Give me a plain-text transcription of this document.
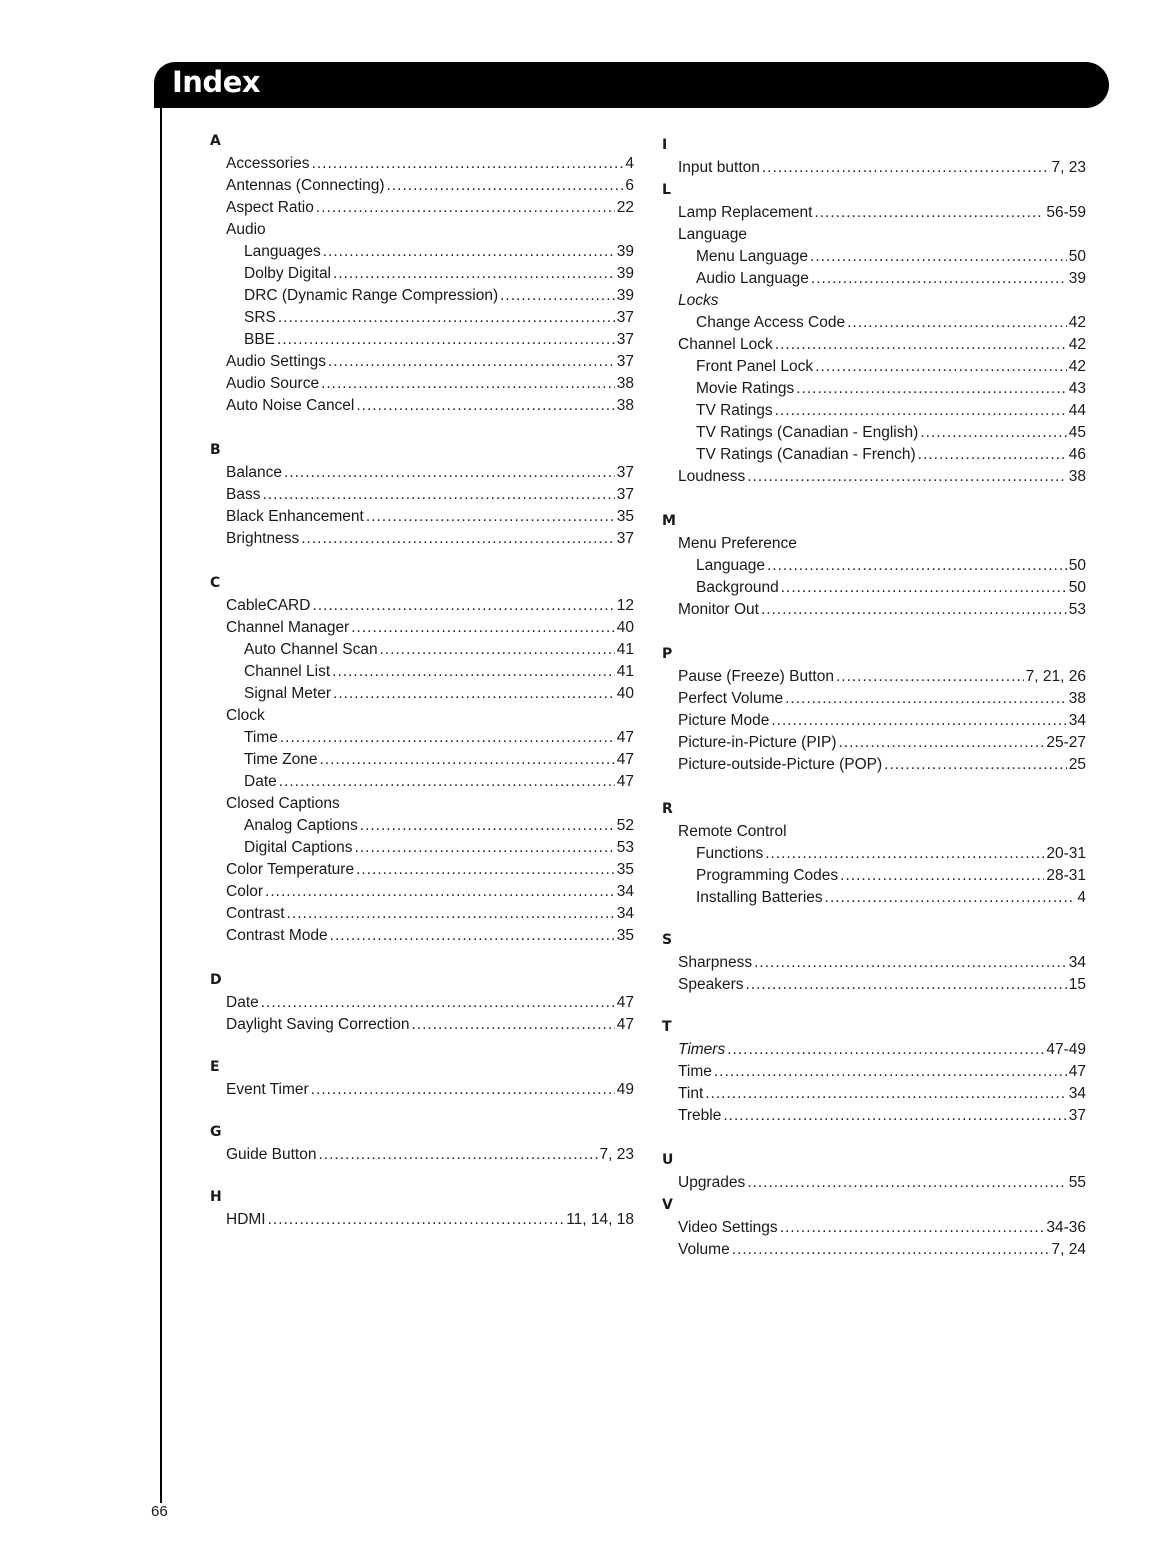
Index
A
Accessories .....	4
Antennas (Connecting) .....	6
Aspect Ratio .....	22
Audio
Languages .....	39
Dolby Digital .....	39
DRC (Dynamic Range Compression) .....	39
SRS .....	37
BBE .....	37
Audio Settings .....	37
Audio Source .....	38
Auto Noise Cancel .....	38
B
Balance .....	37
Bass .....	37
Black Enhancement .....	35
Brightness .....	37
C
CableCARD .....	12
Channel Manager .....	40
Auto Channel Scan .....	41
Channel List .....	41
Signal Meter .....	40
Clock
Time .....	47
Time Zone .....	47
Date .....	47
Closed Captions
Analog Captions .....	52
Digital Captions .....	53
Color Temperature .....	35
Color .....	34
Contrast .....	34
Contrast Mode .....	35
D
Date .....	47
Daylight Saving Correction .....	47
E
Event Timer .....	49
G
Guide Button .....	7, 23
H
HDMI .....	11, 14, 18
I
Input button .....	7, 23
L
Lamp Replacement .....	56-59
Language
Menu Language .....	50
Audio Language .....	39
Locks
Change Access Code .....	42
Channel Lock .....	42
Front Panel Lock .....	42
Movie Ratings .....	43
TV Ratings .....	44
TV Ratings (Canadian - English) .....	45
TV Ratings (Canadian - French) .....	46
Loudness .....	38
M
Menu Preference
Language .....	50
Background .....	50
Monitor Out .....	53
P
Pause (Freeze) Button .....	7, 21, 26
Perfect Volume .....	38
Picture Mode .....	34
Picture-in-Picture (PIP) .....	25-27
Picture-outside-Picture (POP) .....	25
R
Remote Control
Functions .....	20-31
Programming Codes .....	28-31
Installing Batteries .....	4
S
Sharpness .....	34
Speakers .....	15
T
Timers .....	47-49
Time .....	47
Tint .....	34
Treble .....	37
U
Upgrades .....	55
V
Video Settings .....	34-36
Volume .....	7, 24
66
